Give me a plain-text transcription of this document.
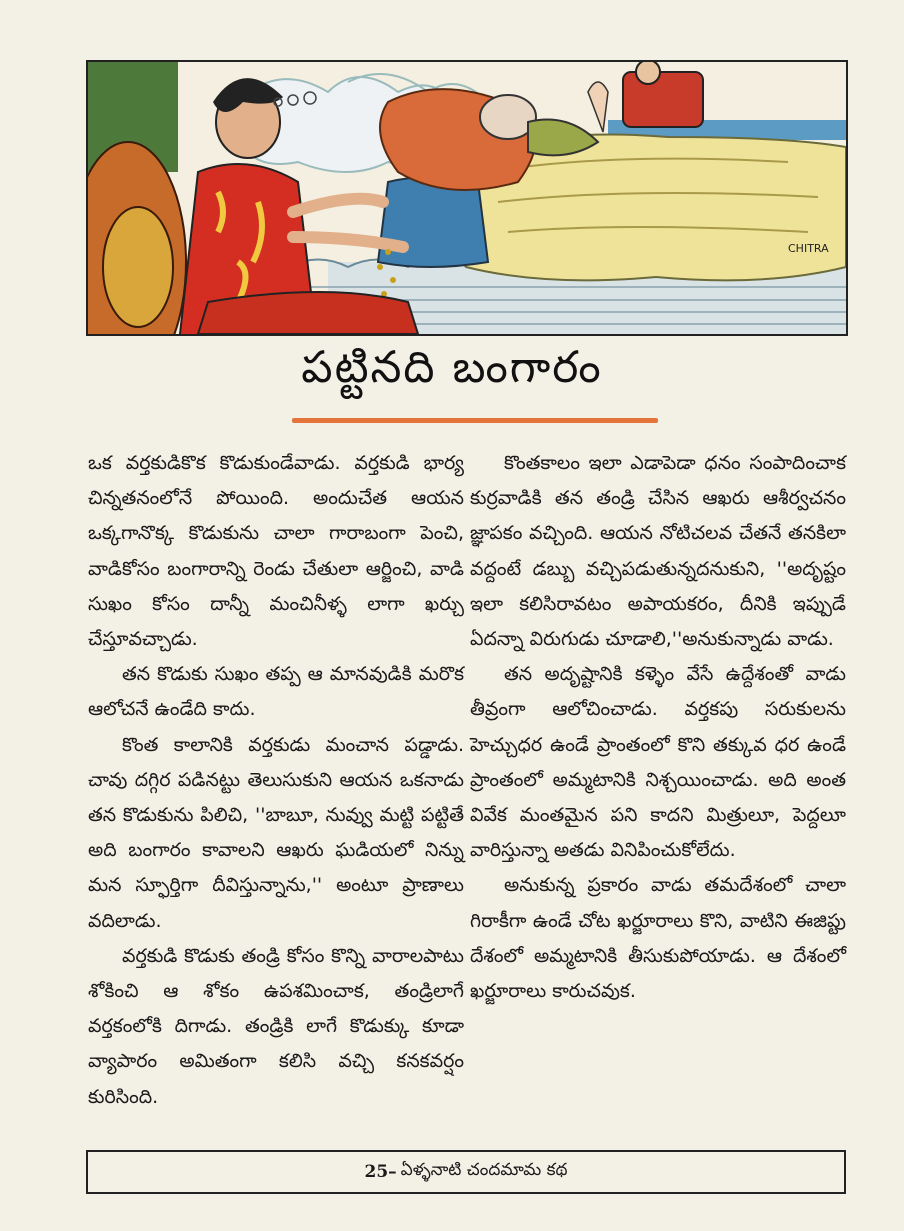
CHITRA
పట్టినది బంగారం

ఒక వర్తకుడికొక కొడుకుండేవాడు. వర్తకుడి భార్య చిన్నతనంలోనే పోయింది. అందుచేత ఆయన ఒక్కగానొక్క కొడుకును చాలా గారాబంగా పెంచి, వాడికోసం బంగారాన్ని రెండు చేతులా ఆర్జించి, వాడి సుఖం కోసం దాన్నీ మంచినీళ్ళ లాగా ఖర్చు చేస్తూవచ్చాడు.

తన కొడుకు సుఖం తప్ప ఆ మానవుడికి మరొక ఆలోచనే ఉండేది కాదు.

కొంత కాలానికి వర్తకుడు మంచాన పడ్డాడు. చావు దగ్గిర పడినట్టు తెలుసుకుని ఆయన ఒకనాడు తన కొడుకును పిలిచి, ''బాబూ, నువ్వు మట్టి పట్టితే అది బంగారం కావాలని ఆఖరు ఘడియలో నిన్ను మన స్ఫూర్తిగా దీవిస్తున్నాను,'' అంటూ ప్రాణాలు వదిలాడు.

వర్తకుడి కొడుకు తండ్రి కోసం కొన్ని వారాలపాటు శోకించి ఆ శోకం ఉపశమించాక, తండ్రిలాగే వర్తకంలోకి దిగాడు. తండ్రికి లాగే కొడుక్కు కూడా వ్యాపారం అమితంగా కలిసి వచ్చి కనకవర్షం కురిసింది.

కొంతకాలం ఇలా ఎడాపెడా ధనం సంపాదించాక కుర్రవాడికి తన తండ్రి చేసిన ఆఖరు ఆశీర్వచనం జ్ఞాపకం వచ్చింది. ఆయన నోటిచలవ చేతనే తనకిలా వద్దంటే డబ్బు వచ్చిపడుతున్నదనుకుని, ''అదృష్టం ఇలా కలిసిరావటం అపాయకరం, దీనికి ఇప్పుడే ఏదన్నా విరుగుడు చూడాలి,''అనుకున్నాడు వాడు.

తన అదృష్టానికి కళ్ళెం వేసే ఉద్దేశంతో వాడు తీవ్రంగా ఆలోచించాడు. వర్తకపు సరుకులను హెచ్చుధర ఉండే ప్రాంతంలో కొని తక్కువ ధర ఉండే ప్రాంతంలో అమ్మటానికి నిశ్చయించాడు. అది అంత వివేక మంతమైన పని కాదని మిత్రులూ, పెద్దలూ వారిస్తున్నా అతడు వినిపించుకోలేదు.

అనుకున్న ప్రకారం వాడు తమదేశంలో చాలా గిరాకీగా ఉండే చోట ఖర్జూరాలు కొని, వాటిని ఈజిప్టు దేశంలో అమ్మటానికి తీసుకుపోయాడు. ఆ దేశంలో ఖర్జూరాలు కారుచవుక.

25– ఏళ్ళనాటి చందమామ కథ
